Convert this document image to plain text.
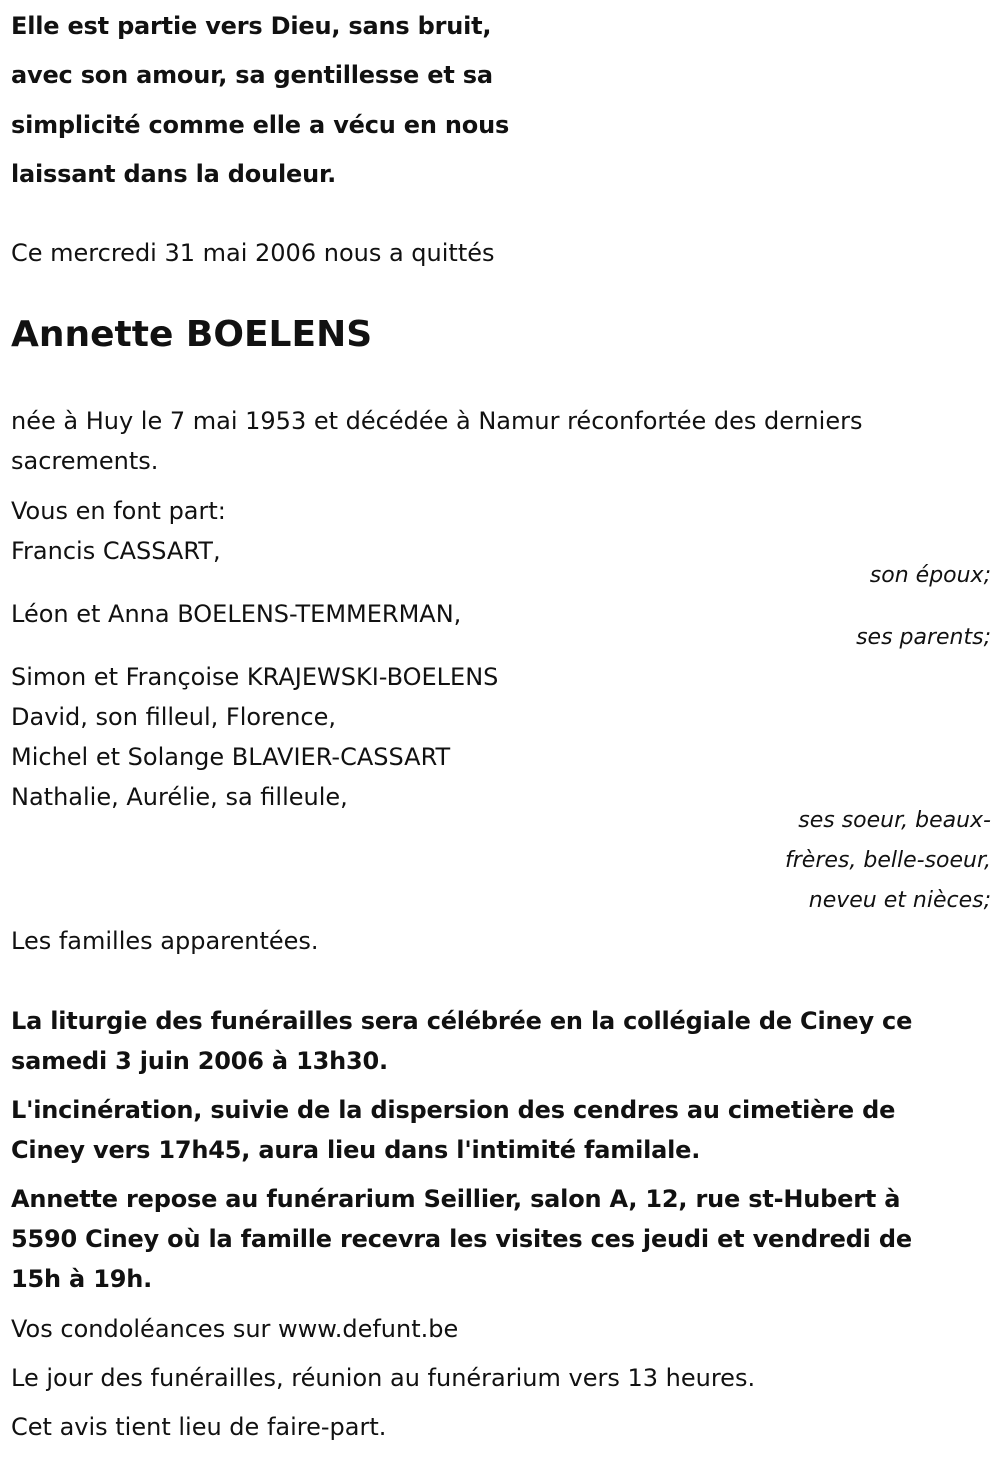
Elle est partie vers Dieu, sans bruit,
avec son amour, sa gentillesse et sa
simplicité comme elle a vécu en nous
laissant dans la douleur.
Ce mercredi 31 mai 2006 nous a quittés
Annette BOELENS
née à Huy le 7 mai 1953 et décédée à Namur réconfortée des derniers
sacrements.
Vous en font part:
Francis CASSART,
son époux;
Léon et Anna BOELENS-TEMMERMAN,
ses parents;
Simon et Françoise KRAJEWSKI-BOELENS
David, son filleul, Florence,
Michel et Solange BLAVIER-CASSART
Nathalie, Aurélie, sa filleule,
ses soeur, beaux-
frères, belle-soeur,
neveu et nièces;
Les familles apparentées.
La liturgie des funérailles sera célébrée en la collégiale de Ciney ce
samedi 3 juin 2006 à 13h30.
L'incinération, suivie de la dispersion des cendres au cimetière de
Ciney vers 17h45, aura lieu dans l'intimité familale.
Annette repose au funérarium Seillier, salon A, 12, rue st-Hubert à
5590 Ciney où la famille recevra les visites ces jeudi et vendredi de
15h à 19h.
Vos condoléances sur www.defunt.be
Le jour des funérailles, réunion au funérarium vers 13 heures.
Cet avis tient lieu de faire-part.
